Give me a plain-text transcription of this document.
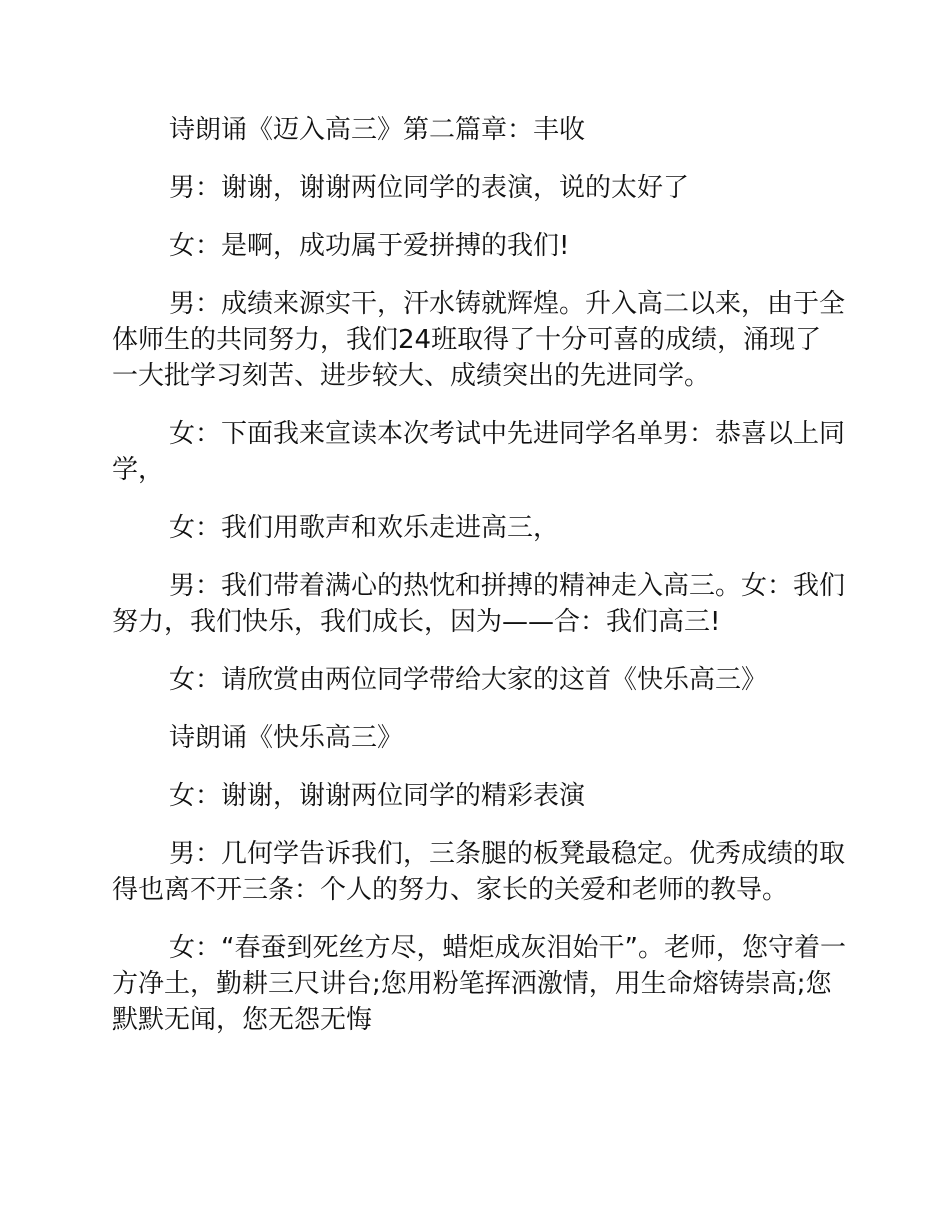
诗朗诵《迈入高三》第二篇章：丰收

男：谢谢，谢谢两位同学的表演，说的太好了

女：是啊，成功属于爱拼搏的我们!

男：成绩来源实干，汗水铸就辉煌。升入高二以来，由于全体师生的共同努力，我们24班取得了十分可喜的成绩，涌现了一大批学习刻苦、进步较大、成绩突出的先进同学。

女：下面我来宣读本次考试中先进同学名单男：恭喜以上同学，

女：我们用歌声和欢乐走进高三，

男：我们带着满心的热忱和拼搏的精神走入高三。女：我们努力，我们快乐，我们成长，因为——合：我们高三!

女：请欣赏由两位同学带给大家的这首《快乐高三》

诗朗诵《快乐高三》

女：谢谢，谢谢两位同学的精彩表演

男：几何学告诉我们，三条腿的板凳最稳定。优秀成绩的取得也离不开三条：个人的努力、家长的关爱和老师的教导。

女：“春蚕到死丝方尽，蜡炬成灰泪始干”。老师，您守着一方净土，勤耕三尺讲台;您用粉笔挥洒激情，用生命熔铸崇高;您默默无闻，您无怨无悔
